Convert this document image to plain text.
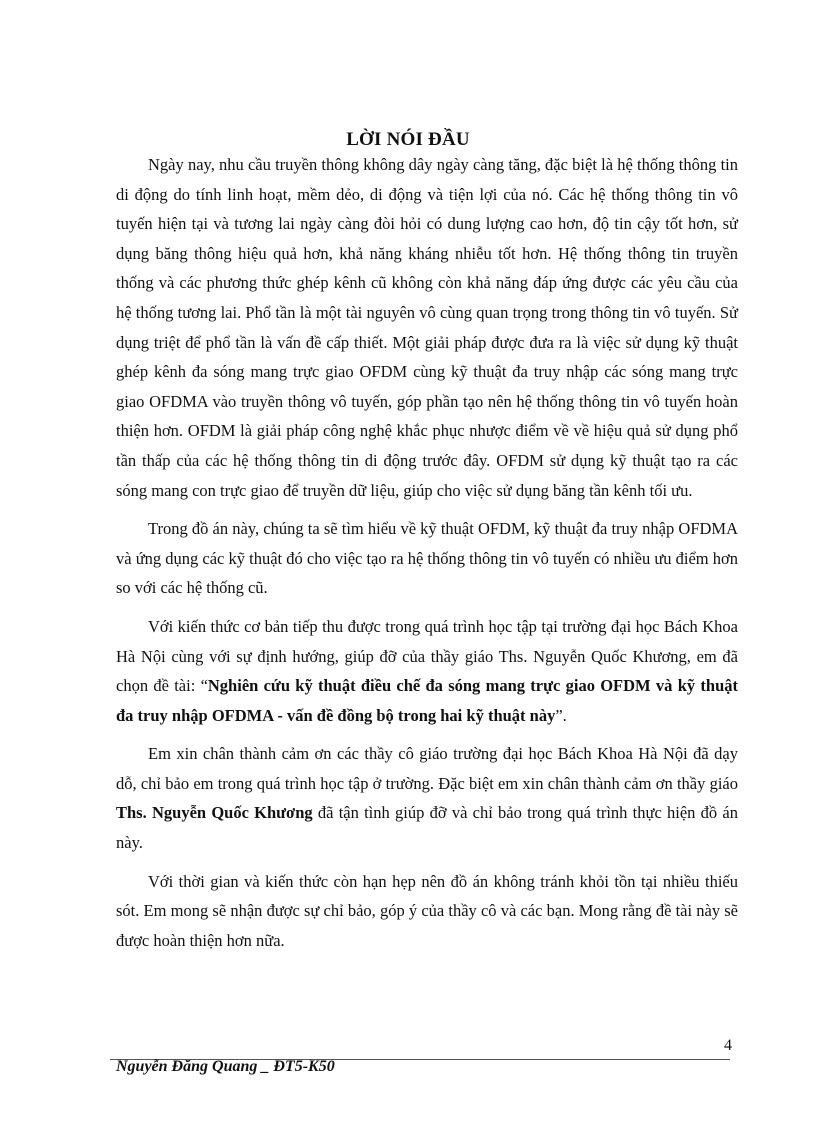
LỜI NÓI ĐẦU

Ngày nay, nhu cầu truyền thông không dây ngày càng tăng, đặc biệt là hệ thống thông tin di động do tính linh hoạt, mềm dẻo, di động và tiện lợi của nó. Các hệ thống thông tin vô tuyến hiện tại và tương lai ngày càng đòi hỏi có dung lượng cao hơn, độ tin cậy tốt hơn, sử dụng băng thông hiệu quả hơn, khả năng kháng nhiễu tốt hơn. Hệ thống thông tin truyền thống và các phương thức ghép kênh cũ không còn khả năng đáp ứng được các yêu cầu của hệ thống tương lai. Phổ tần là một tài nguyên vô cùng quan trọng trong thông tin vô tuyến. Sử dụng triệt để phổ tần là vấn đề cấp thiết. Một giải pháp được đưa ra là việc sử dụng kỹ thuật ghép kênh đa sóng mang trực giao OFDM cùng kỹ thuật đa truy nhập các sóng mang trực giao OFDMA vào truyền thông vô tuyến, góp phần tạo nên hệ thống thông tin vô tuyến hoàn thiện hơn. OFDM là giải pháp công nghệ khắc phục nhược điểm về về hiệu quả sử dụng phổ tần thấp của các hệ thống thông tin di động trước đây. OFDM sử dụng kỹ thuật tạo ra các sóng mang con trực giao để truyền dữ liệu, giúp cho việc sử dụng băng tần kênh tối ưu.

Trong đồ án này, chúng ta sẽ tìm hiểu về kỹ thuật OFDM, kỹ thuật đa truy nhập OFDMA và ứng dụng các kỹ thuật đó cho việc tạo ra hệ thống thông tin vô tuyến có nhiều ưu điểm hơn so với các hệ thống cũ.

Với kiến thức cơ bản tiếp thu được trong quá trình học tập tại trường đại học Bách Khoa Hà Nội cùng với sự định hướng, giúp đỡ của thầy giáo Ths. Nguyễn Quốc Khương, em đã chọn đề tài: “Nghiên cứu kỹ thuật điều chế đa sóng mang trực giao OFDM và kỹ thuật đa truy nhập OFDMA - vấn đề đồng bộ trong hai kỹ thuật này”.

Em xin chân thành cảm ơn các thầy cô giáo trường đại học Bách Khoa Hà Nội đã dạy dỗ, chỉ bảo em trong quá trình học tập ở trường. Đặc biệt em xin chân thành cảm ơn thầy giáo Ths. Nguyễn Quốc Khương đã tận tình giúp đỡ và chỉ bảo trong quá trình thực hiện đồ án này.

Với thời gian và kiến thức còn hạn hẹp nên đồ án không tránh khỏi tồn tại nhiều thiếu sót. Em mong sẽ nhận được sự chỉ bảo, góp ý của thầy cô và các bạn. Mong rằng đề tài này sẽ được hoàn thiện hơn nữa.

4
Nguyễn Đăng Quang _ ĐT5-K50
